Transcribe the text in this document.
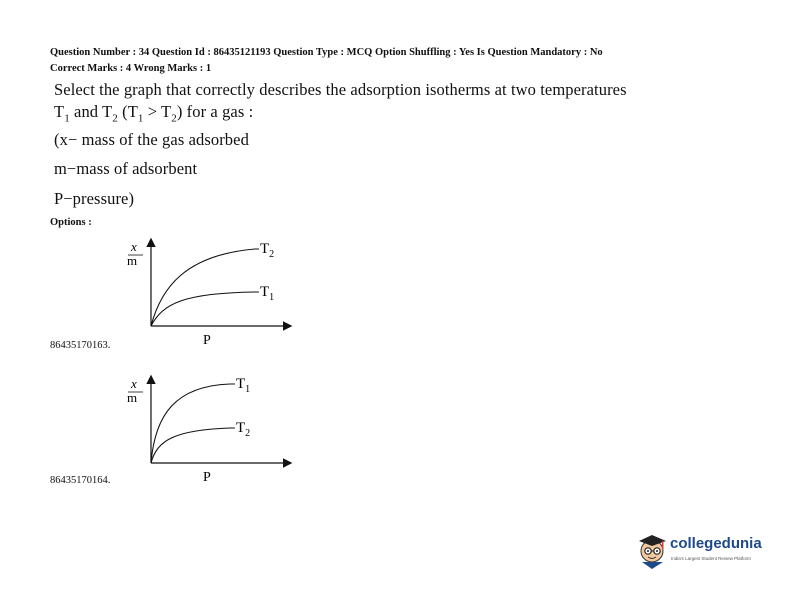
Question Number : 34 Question Id : 86435121193 Question Type : MCQ Option Shuffling : Yes Is Question Mandatory : No
Correct Marks : 4 Wrong Marks : 1
Select the graph that correctly describes the adsorption isotherms at two temperatures
$T_1$ and $T_2$ $(T_1 > T_2)$ for a gas :
(x− mass of the gas adsorbed
m−mass of adsorbent
P−pressure)
Options :
x
m
P
$T_2$
$T_1$
86435170163.
x
m
P
$T_1$
$T_2$
86435170164.
collegedunia
India's Largest Student Review Platform
